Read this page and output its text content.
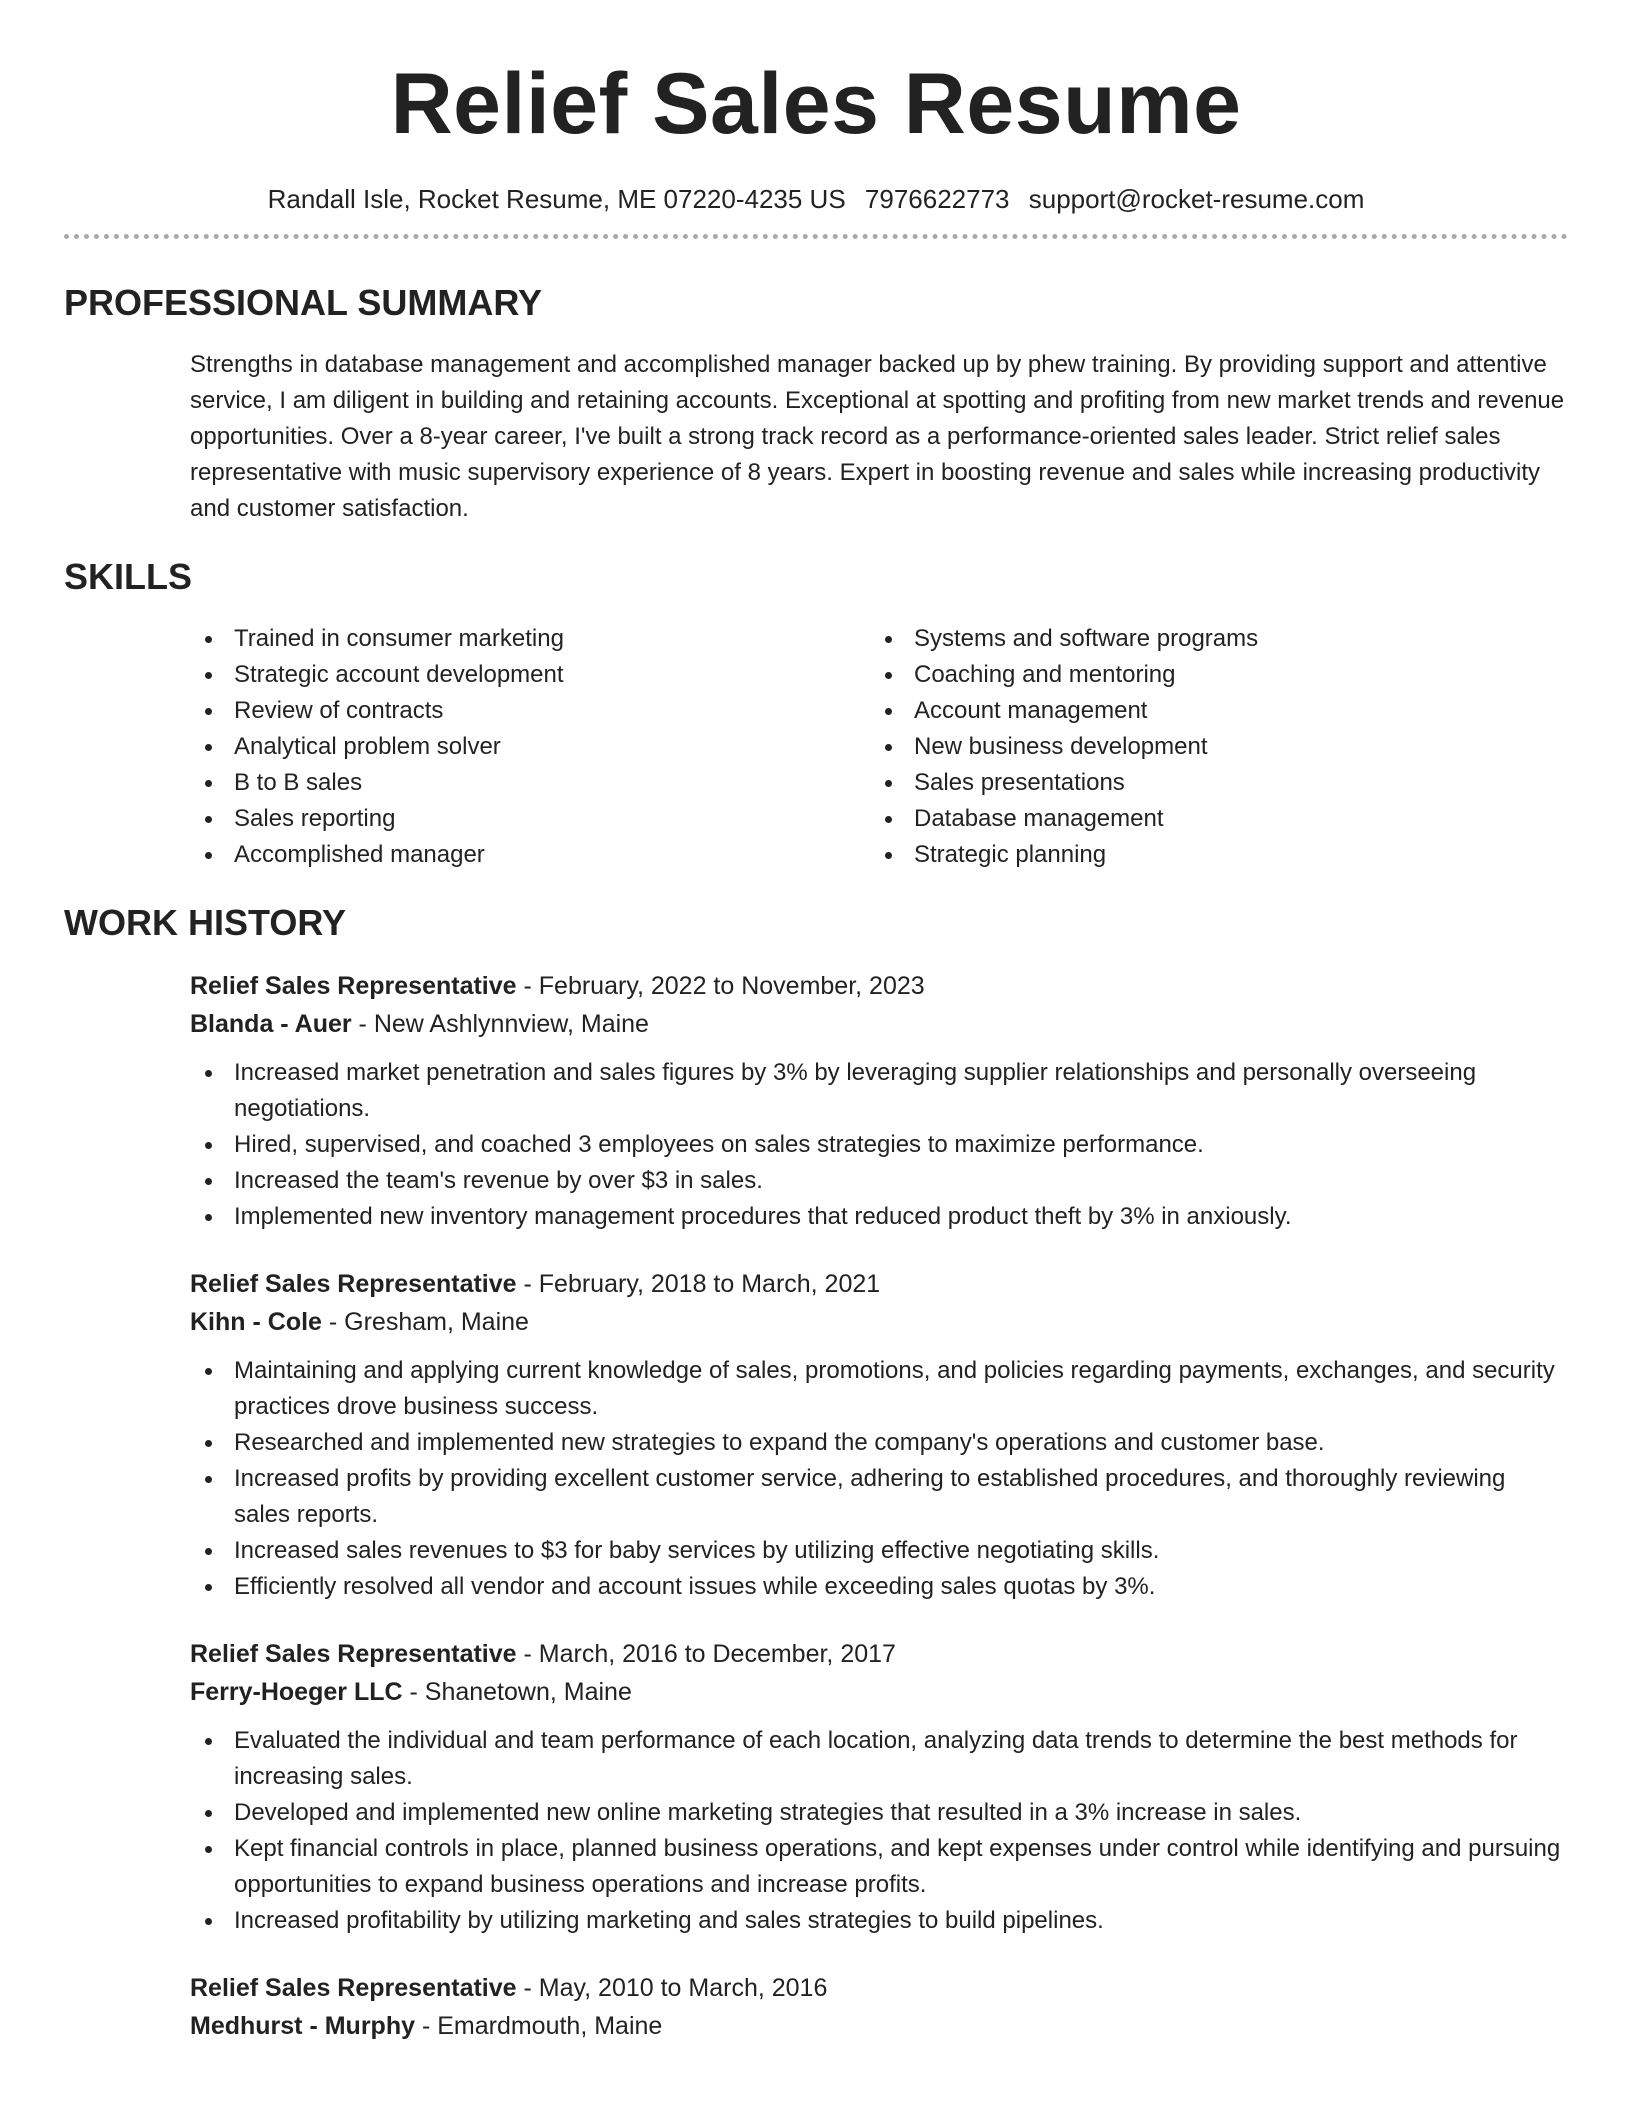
Relief Sales Resume
Randall Isle, Rocket Resume, ME 07220-4235 US 7976622773 support@rocket-resume.com
PROFESSIONAL SUMMARY

Strengths in database management and accomplished manager backed up by phew training. By providing support and attentive service, I am diligent in building and retaining accounts. Exceptional at spotting and profiting from new market trends and revenue opportunities. Over a 8-year career, I've built a strong track record as a performance-oriented sales leader. Strict relief sales representative with music supervisory experience of 8 years. Expert in boosting revenue and sales while increasing productivity and customer satisfaction.

SKILLS
Trained in consumer marketing
Strategic account development
Review of contracts
Analytical problem solver
B to B sales
Sales reporting
Accomplished manager
Systems and software programs
Coaching and mentoring
Account management
New business development
Sales presentations
Database management
Strategic planning
WORK HISTORY
Relief Sales Representative - February, 2022 to November, 2023
Blanda - Auer - New Ashlynnview, Maine
Increased market penetration and sales figures by 3% by leveraging supplier relationships and personally overseeing negotiations.
Hired, supervised, and coached 3 employees on sales strategies to maximize performance.
Increased the team's revenue by over $3 in sales.
Implemented new inventory management procedures that reduced product theft by 3% in anxiously.
Relief Sales Representative - February, 2018 to March, 2021
Kihn - Cole - Gresham, Maine
Maintaining and applying current knowledge of sales, promotions, and policies regarding payments, exchanges, and security practices drove business success.
Researched and implemented new strategies to expand the company's operations and customer base.
Increased profits by providing excellent customer service, adhering to established procedures, and thoroughly reviewing sales reports.
Increased sales revenues to $3 for baby services by utilizing effective negotiating skills.
Efficiently resolved all vendor and account issues while exceeding sales quotas by 3%.
Relief Sales Representative - March, 2016 to December, 2017
Ferry-Hoeger LLC - Shanetown, Maine
Evaluated the individual and team performance of each location, analyzing data trends to determine the best methods for increasing sales.
Developed and implemented new online marketing strategies that resulted in a 3% increase in sales.
Kept financial controls in place, planned business operations, and kept expenses under control while identifying and pursuing opportunities to expand business operations and increase profits.
Increased profitability by utilizing marketing and sales strategies to build pipelines.
Relief Sales Representative - May, 2010 to March, 2016
Medhurst - Murphy - Emardmouth, Maine
